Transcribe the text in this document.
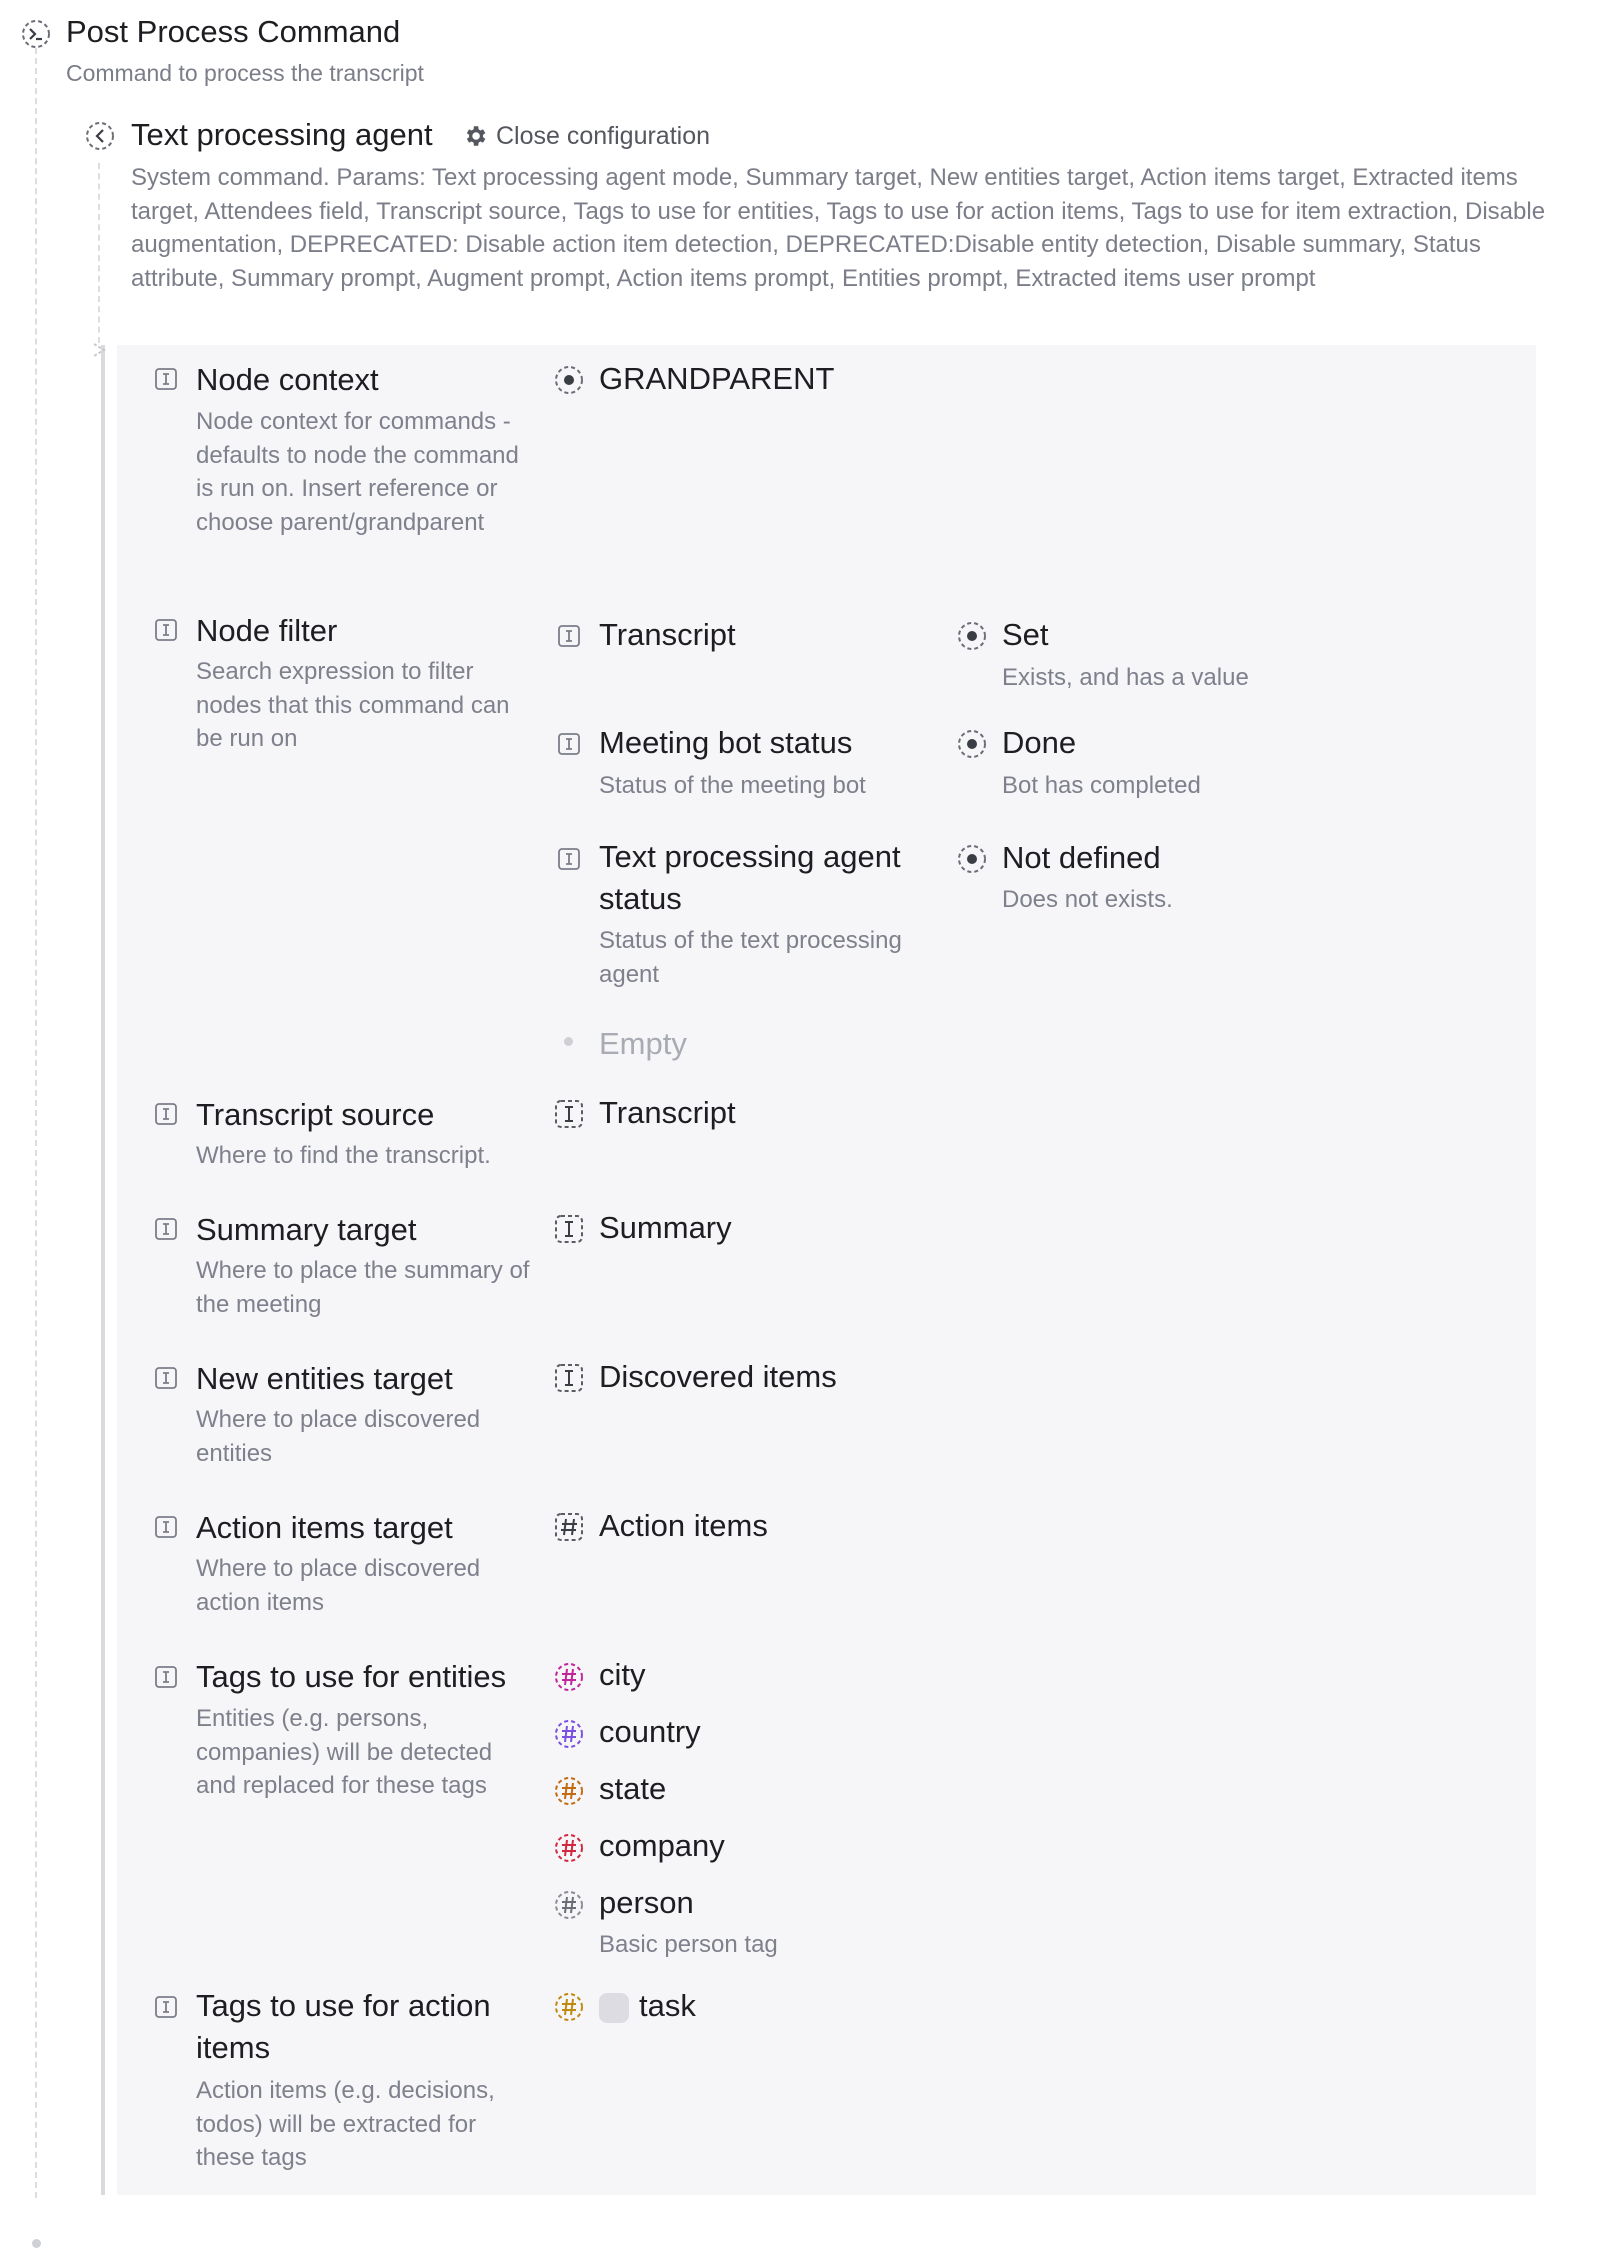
Post Process Command
Command to process the transcript
Text processing agent	Close configuration
System command. Params: Text processing agent mode, Summary target, New entities target, Action items target, Extracted items target, Attendees field, Transcript source, Tags to use for entities, Tags to use for action items, Tags to use for item extraction, Disable augmentation, DEPRECATED: Disable action item detection, DEPRECATED:Disable entity detection, Disable summary, Status attribute, Summary prompt, Augment prompt, Action items prompt, Entities prompt, Extracted items user prompt
Node context
Node context for commands - defaults to node the command is run on. Insert reference or choose parent/grandparent
GRANDPARENT
Node filter
Search expression to filter nodes that this command can be run on
Transcript	Set
Exists, and has a value
Meeting bot status
Status of the meeting bot
Done
Bot has completed
Text processing agent status
Status of the text processing agent
Not defined
Does not exists.
Empty
Transcript source
Where to find the transcript.
Transcript
Summary target
Where to place the summary of the meeting
Summary
New entities target
Where to place discovered entities
Discovered items
Action items target
Where to place discovered action items
Action items
Tags to use for entities
Entities (e.g. persons, companies) will be detected and replaced for these tags
city
country
state
company
person
Basic person tag
Tags to use for action items
Action items (e.g. decisions, todos) will be extracted for these tags
task
